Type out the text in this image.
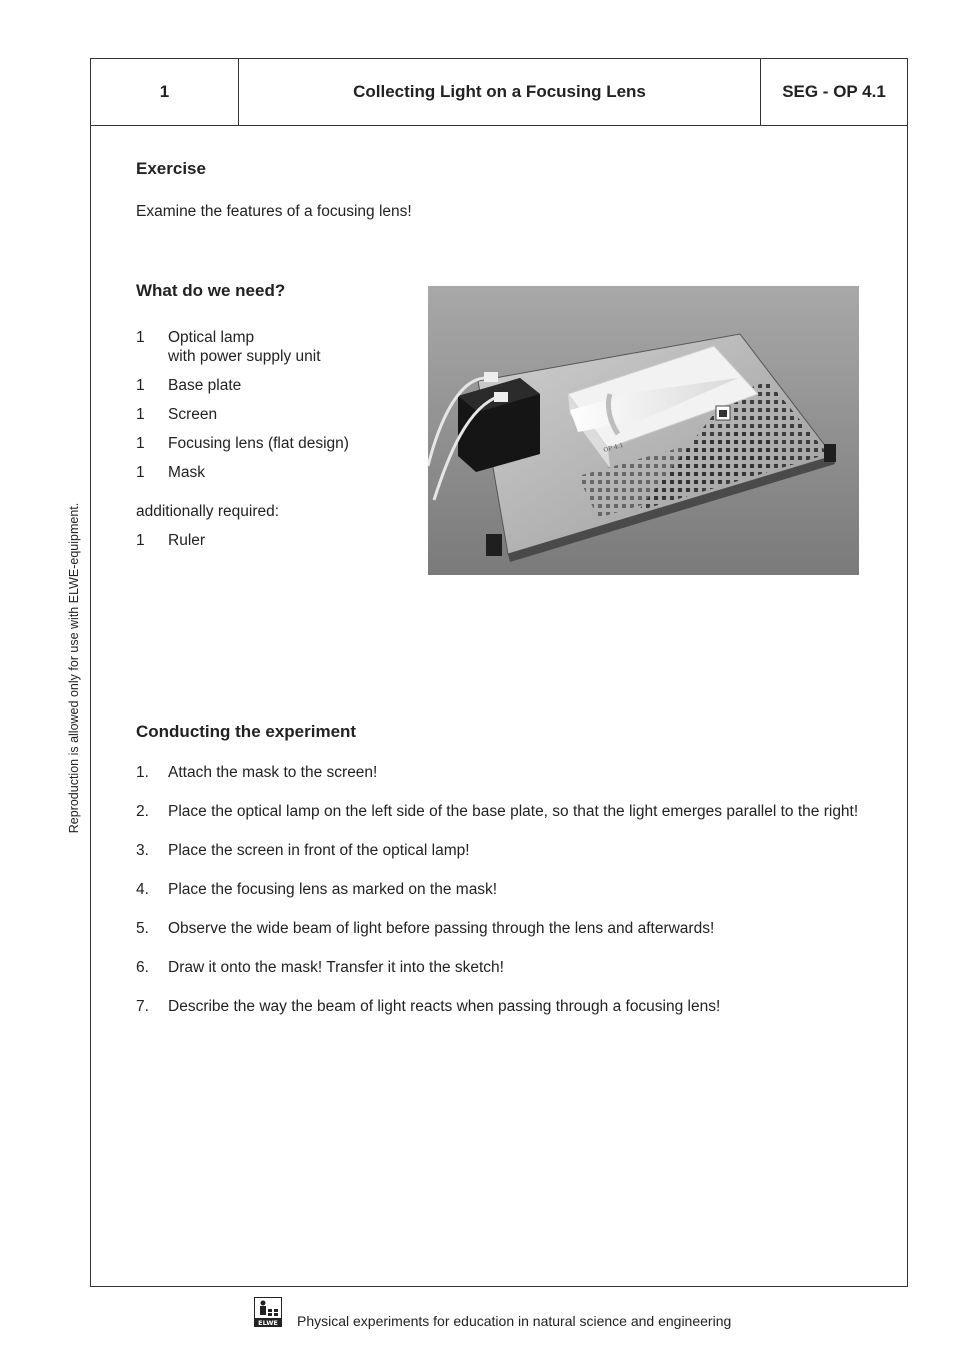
1	Collecting Light on a Focusing Lens	SEG - OP 4.1
Exercise
Examine the features of a focusing lens!
What do we need?
1	Optical lamp
with power supply unit
1	Base plate
1	Screen
1	Focusing lens (flat design)
1	Mask
additionally required:
1	Ruler
OP 4.1
Conducting the experiment
1.	Attach the mask to the screen!
2.	Place the optical lamp on the left side of the base plate, so that the light emerges parallel to the right!
3.	Place the screen in front of the optical lamp!
4.	Place the focusing lens as marked on the mask!
5.	Observe the wide beam of light before passing through the lens and afterwards!
6.	Draw it onto the mask! Transfer it into the sketch!
7.	Describe the way the beam of light reacts when passing through a focusing lens!
Reproduction is allowed only for use with ELWE-equipment.
ELWE Physical experiments for education in natural science and engineering
